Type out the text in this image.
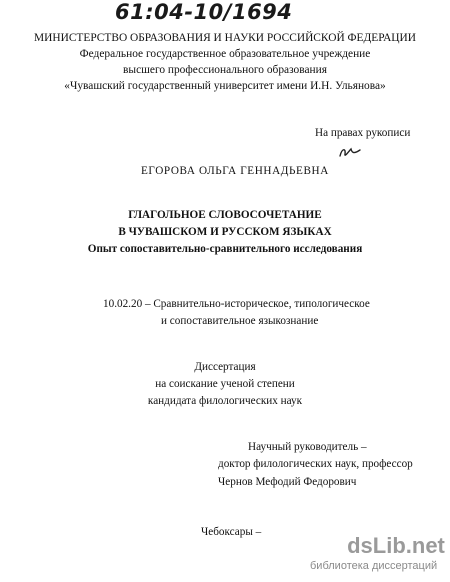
61:04-10/1694
МИНИСТЕРСТВО ОБРАЗОВАНИЯ И НАУКИ РОССИЙСКОЙ ФЕДЕРАЦИИ
Федеральное государственное образовательное учреждение
высшего профессионального образования
«Чувашский государственный университет имени И.Н. Ульянова»
На правах рукописи
ЕГОРОВА ОЛЬГА ГЕННАДЬЕВНА
ГЛАГОЛЬНОЕ СЛОВОСОЧЕТАНИЕ
В ЧУВАШСКОМ И РУССКОМ ЯЗЫКАХ
Опыт сопоставительно-сравнительного исследования
10.02.20 – Сравнительно-историческое, типологическое
и сопоставительное языкознание
Диссертация
на соискание ученой степени
кандидата филологических наук
Научный руководитель –
доктор филологических наук, профессор
Чернов Мефодий Федорович
Чебоксары –
dsLib.net
библиотека диссертаций
